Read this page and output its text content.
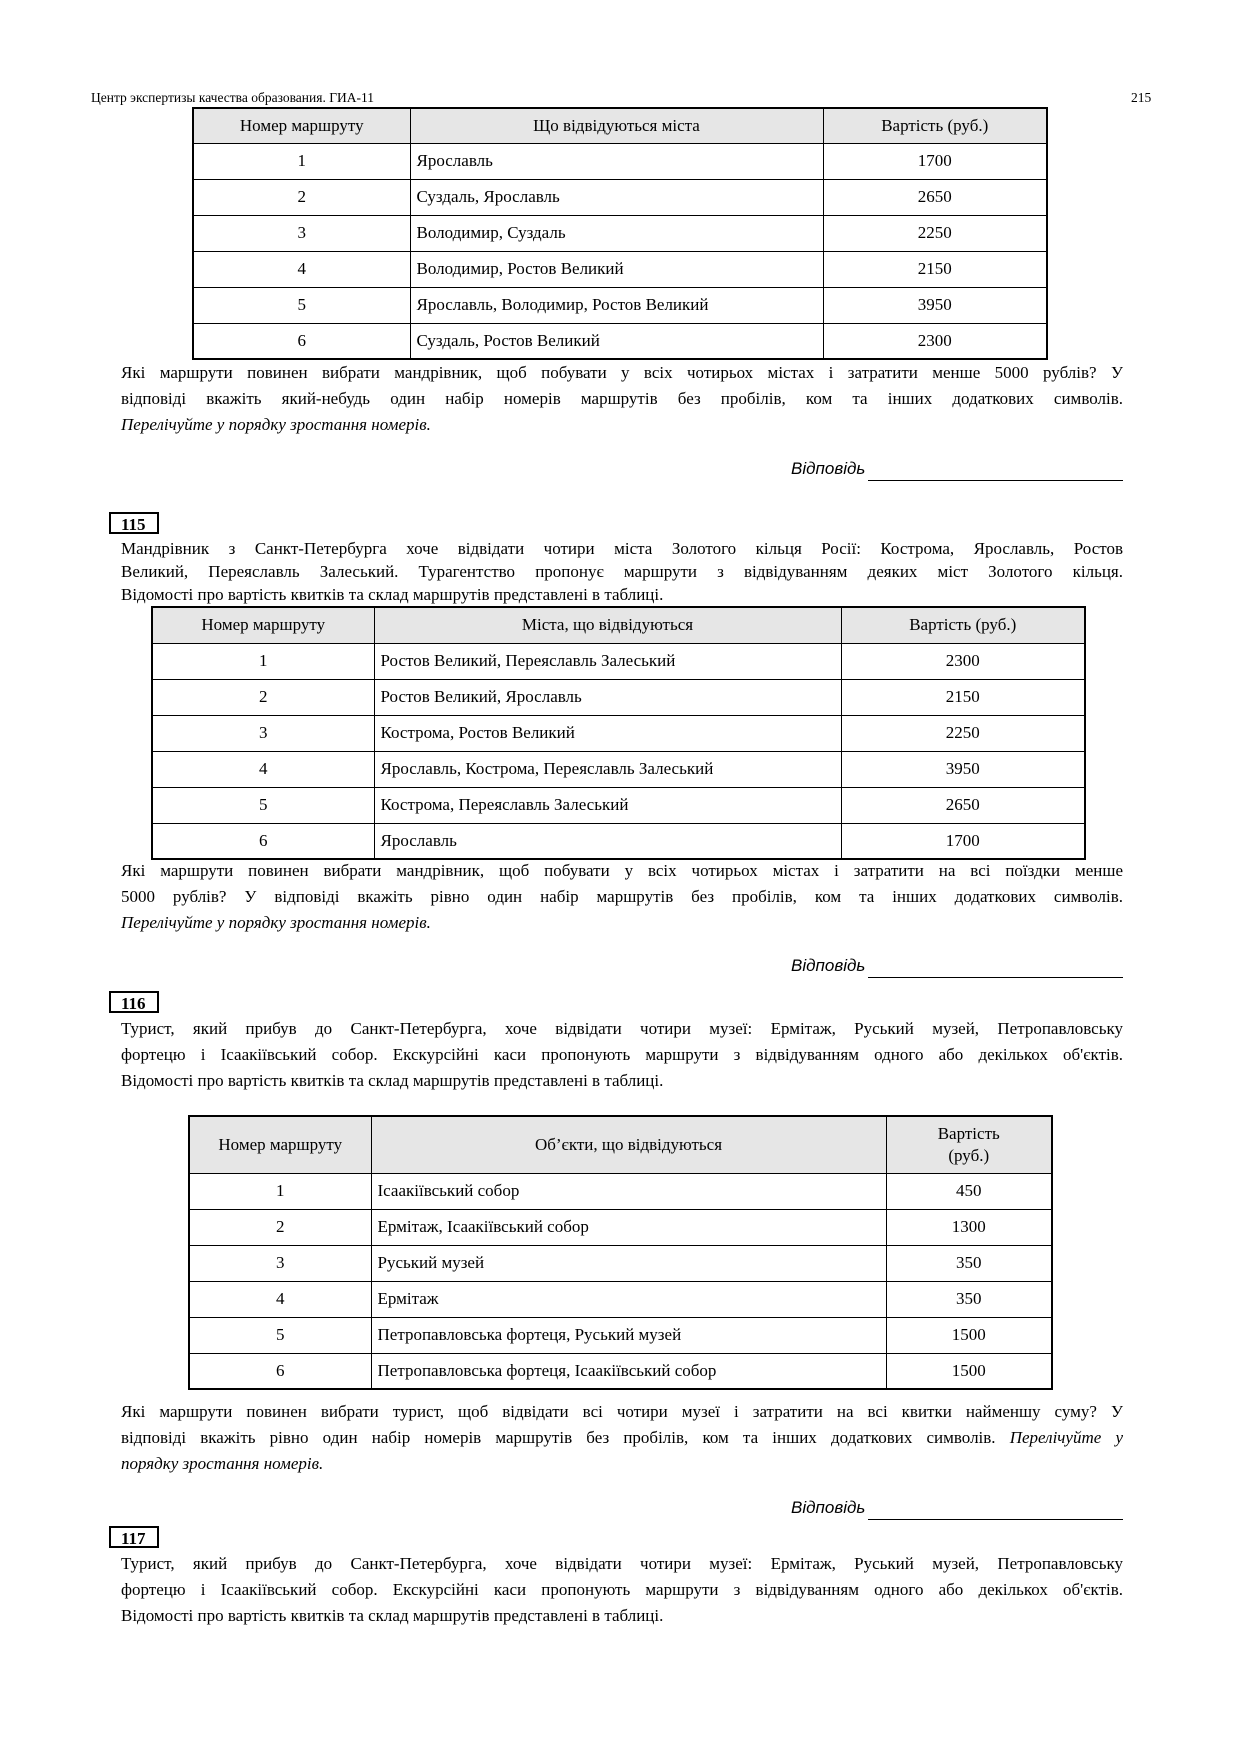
Центр экспертизы качества образования. ГИА-11	215
Номер маршруту	Що відвідуються міста	Вартість (руб.)
1	Ярославль	1700
2	Суздаль, Ярославль	2650
3	Володимир, Суздаль	2250
4	Володимир, Ростов Великий	2150
5	Ярославль, Володимир, Ростов Великий	3950
6	Суздаль, Ростов Великий	2300
Які маршрути повинен вибрати мандрівник, щоб побувати у всіх чотирьох містах і затратити менше 5000 рублів? У
відповіді вкажіть який-небудь один набір номерів маршрутів без пробілів, ком та інших додаткових символів.
Перелічуйте у порядку зростання номерів.
Відповідь
115
Мандрівник з Санкт-Петербурга хоче відвідати чотири міста Золотого кільця Росії: Кострома, Ярославль, Ростов
Великий, Переяславль Залеський. Турагентство пропонує маршрути з відвідуванням деяких міст Золотого кільця.
Відомості про вартість квитків та склад маршрутів представлені в таблиці.
Номер маршруту	Міста, що відвідуються	Вартість (руб.)
1	Ростов Великий, Переяславль Залеський	2300
2	Ростов Великий, Ярославль	2150
3	Кострома, Ростов Великий	2250
4	Ярославль, Кострома, Переяславль Залеський	3950
5	Кострома, Переяславль Залеський	2650
6	Ярославль	1700
Які маршрути повинен вибрати мандрівник, щоб побувати у всіх чотирьох містах і затратити на всі поїздки менше
5000 рублів? У відповіді вкажіть рівно один набір маршрутів без пробілів, ком та інших додаткових символів.
Перелічуйте у порядку зростання номерів.
Відповідь
116
Турист, який прибув до Санкт-Петербурга, хоче відвідати чотири музеї: Ермітаж, Руський музей, Петропавловську
фортецю і Ісаакіївський собор. Екскурсійні каси пропонують маршрути з відвідуванням одного або декількох об'єктів.
Відомості про вартість квитків та склад маршрутів представлені в таблиці.
Номер маршруту	Об’єкти, що відвідуються	Вартість
(руб.)

1	Ісаакіївський собор	450
2	Ермітаж, Ісаакіївський собор	1300
3	Руський музей	350
4	Ермітаж	350
5	Петропавловська фортеця, Руський музей	1500
6	Петропавловська фортеця, Ісаакіївський собор	1500
Які маршрути повинен вибрати турист, щоб відвідати всі чотири музеї і затратити на всі квитки найменшу суму? У
відповіді вкажіть рівно один набір номерів маршрутів без пробілів, ком та інших додаткових символів. Перелічуйте у
порядку зростання номерів.
Відповідь
117
Турист, який прибув до Санкт-Петербурга, хоче відвідати чотири музеї: Ермітаж, Руський музей, Петропавловську
фортецю і Ісаакіївський собор. Екскурсійні каси пропонують маршрути з відвідуванням одного або декількох об'єктів.
Відомості про вартість квитків та склад маршрутів представлені в таблиці.
